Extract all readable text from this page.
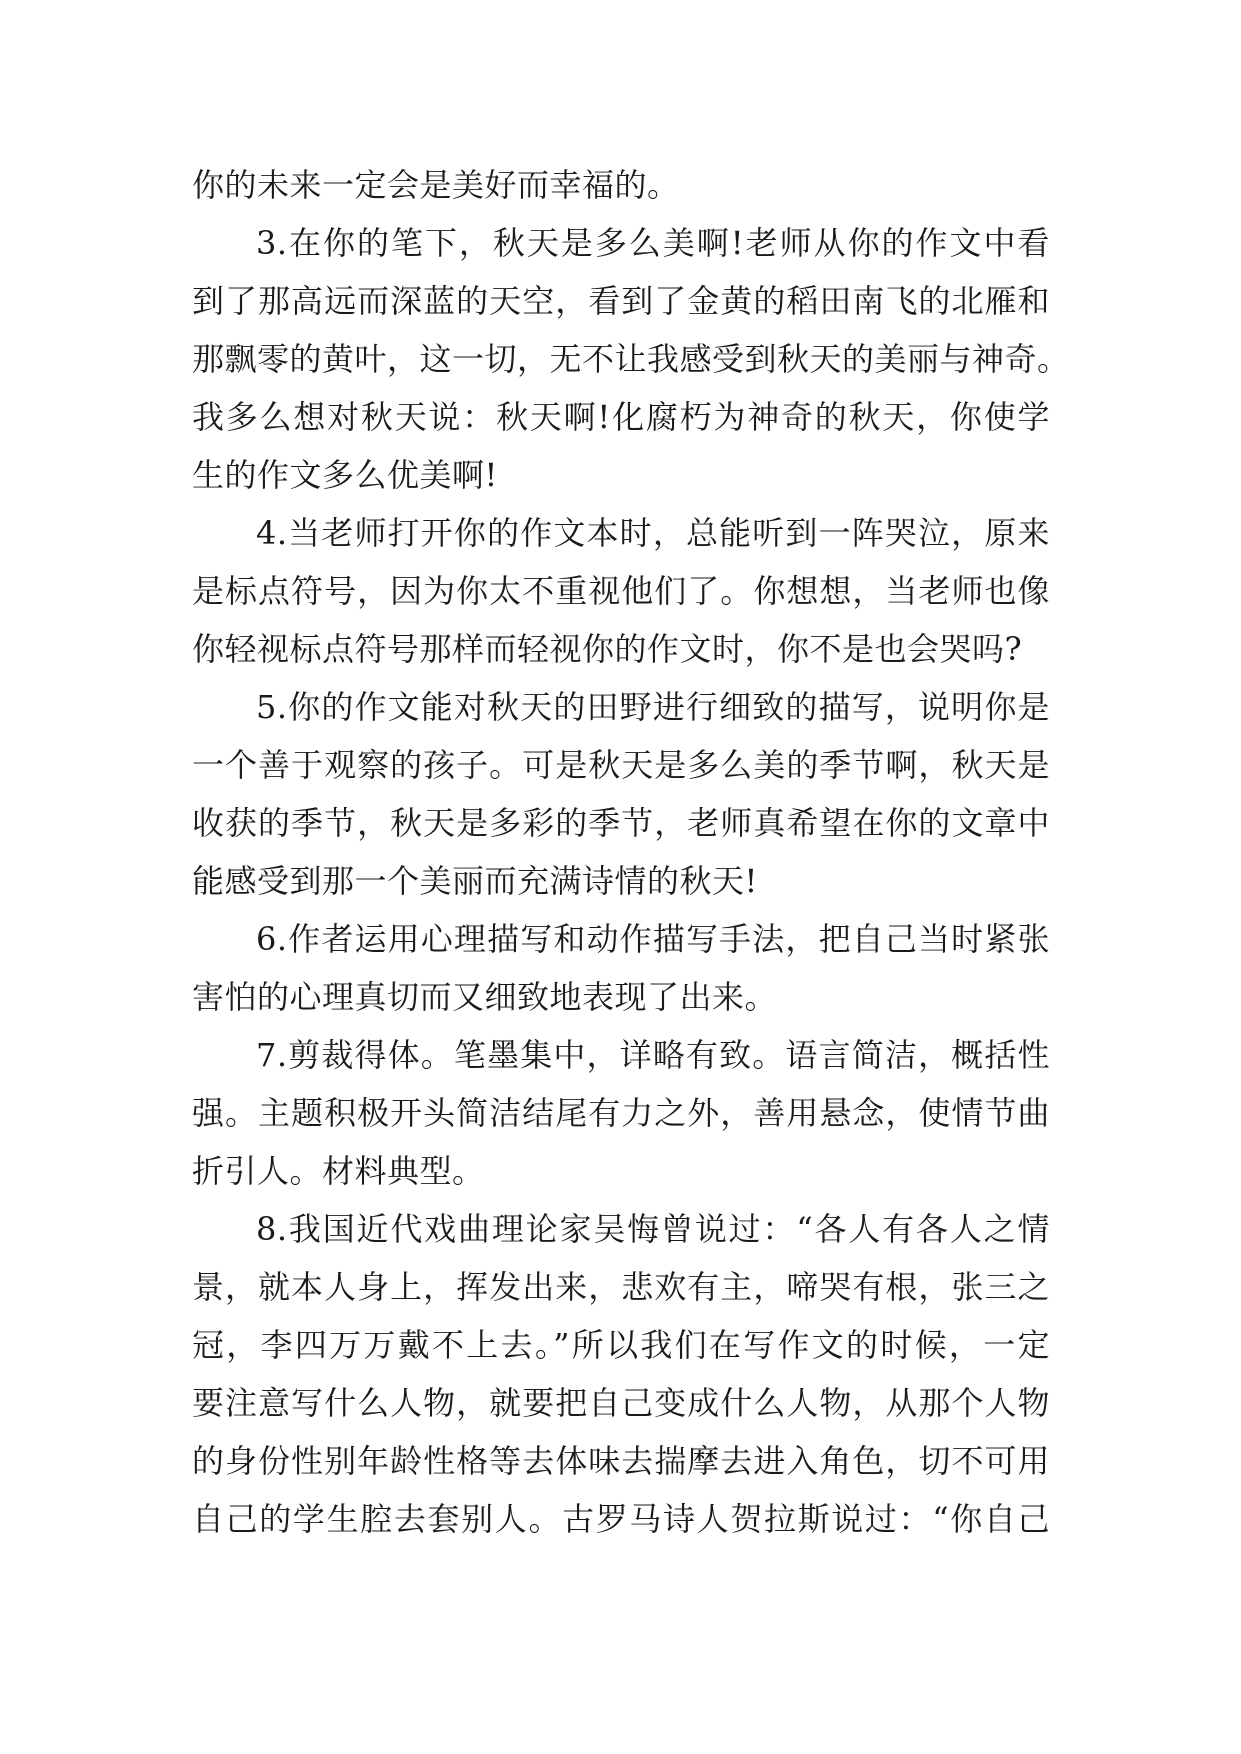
你的未来一定会是美好而幸福的。
3.在你的笔下，秋天是多么美啊!老师从你的作文中看
到了那高远而深蓝的天空，看到了金黄的稻田南飞的北雁和
那飘零的黄叶，这一切，无不让我感受到秋天的美丽与神奇。
我多么想对秋天说：秋天啊!化腐朽为神奇的秋天，你使学
生的作文多么优美啊!
4.当老师打开你的作文本时，总能听到一阵哭泣，原来
是标点符号，因为你太不重视他们了。你想想，当老师也像
你轻视标点符号那样而轻视你的作文时，你不是也会哭吗?
5.你的作文能对秋天的田野进行细致的描写，说明你是
一个善于观察的孩子。可是秋天是多么美的季节啊，秋天是
收获的季节，秋天是多彩的季节，老师真希望在你的文章中
能感受到那一个美丽而充满诗情的秋天!
6.作者运用心理描写和动作描写手法，把自己当时紧张
害怕的心理真切而又细致地表现了出来。
7.剪裁得体。笔墨集中，详略有致。语言简洁，概括性
强。主题积极开头简洁结尾有力之外，善用悬念，使情节曲
折引人。材料典型。
8.我国近代戏曲理论家吴悔曾说过：“各人有各人之情
景，就本人身上，挥发出来，悲欢有主，啼哭有根，张三之
冠，李四万万戴不上去。”所以我们在写作文的时候，一定
要注意写什么人物，就要把自己变成什么人物，从那个人物
的身份性别年龄性格等去体味去揣摩去进入角色，切不可用
自己的学生腔去套别人。古罗马诗人贺拉斯说过：“你自己
